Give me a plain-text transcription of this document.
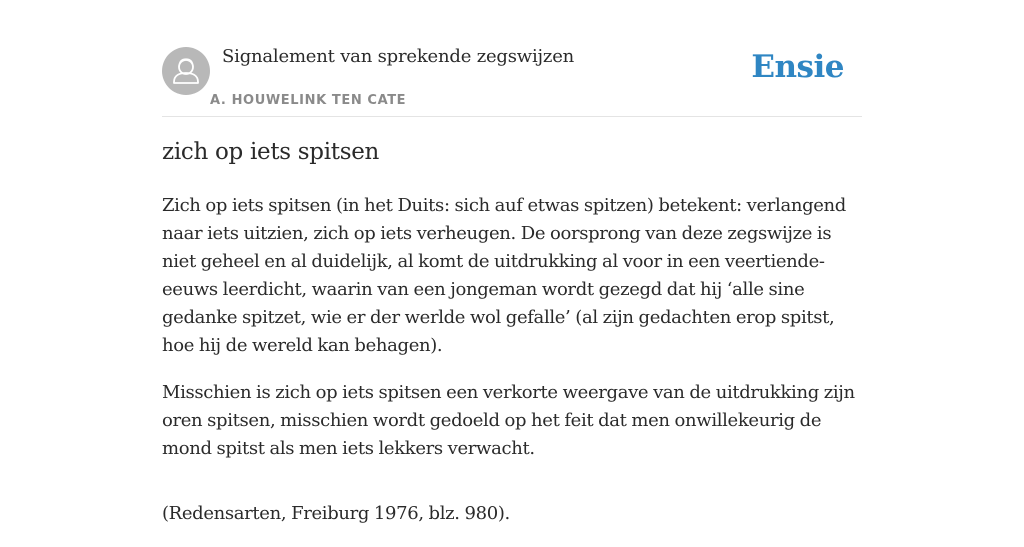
Signalement van sprekende zegswijzen
A. HOUWELINK TEN CATE
Ensie
zich op iets spitsen

Zich op iets spitsen (in het Duits: sich auf etwas spitzen) betekent: verlangend naar iets uitzien, zich op iets verheugen. De oorsprong van deze zegswijze is niet geheel en al duidelijk, al komt de uitdrukking al voor in een veertiende-eeuws leerdicht, waarin van een jongeman wordt gezegd dat hij ‘alle sine gedanke spitzet, wie er der werlde wol gefalle’ (al zijn gedachten erop spitst, hoe hij de wereld kan behagen).

Misschien is zich op iets spitsen een verkorte weergave van de uitdrukking zijn oren spitsen, misschien wordt gedoeld op het feit dat men onwillekeurig de mond spitst als men iets lekkers verwacht.

(Redensarten, Freiburg 1976, blz. 980).
